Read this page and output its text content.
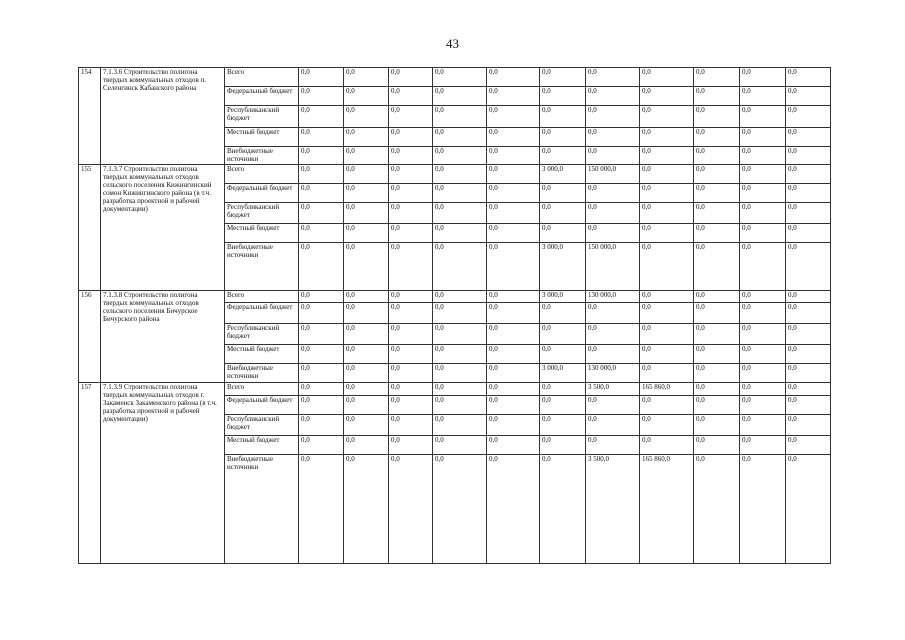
43
154	7.1.3.6 Строительство полигона твердых коммунальных отходов п. Селенгинск Кабанского района	Всего	0,0	0,0	0,0	0,0	0,0	0,0	0,0	0,0	0,0	0,0	0,0
		Федеральный бюджет	0,0	0,0	0,0	0,0	0,0	0,0	0,0	0,0	0,0	0,0	0,0
		Республиканский бюджет	0,0	0,0	0,0	0,0	0,0	0,0	0,0	0,0	0,0	0,0	0,0
		Местный бюджет	0,0	0,0	0,0	0,0	0,0	0,0	0,0	0,0	0,0	0,0	0,0
		Внебюджетные источники	0,0	0,0	0,0	0,0	0,0	0,0	0,0	0,0	0,0	0,0	0,0
155	7.1.3.7 Строительство полигона твердых коммунальных отходов сельского поселения Кижингинский сомон Кижингинского района (в т.ч. разработка проектной и рабочей документации)	Всего	0,0	0,0	0,0	0,0	0,0	3 000,0	150 000,0	0,0	0,0	0,0	0,0
		Федеральный бюджет	0,0	0,0	0,0	0,0	0,0	0,0	0,0	0,0	0,0	0,0	0,0
		Республиканский бюджет	0,0	0,0	0,0	0,0	0,0	0,0	0,0	0,0	0,0	0,0	0,0
		Местный бюджет	0,0	0,0	0,0	0,0	0,0	0,0	0,0	0,0	0,0	0,0	0,0
		Внебюджетные источники	0,0	0,0	0,0	0,0	0,0	3 000,0	150 000,0	0,0	0,0	0,0	0,0
156	7.1.3.8 Строительство полигона твердых коммунальных отходов сельского поселения Бичурское Бичурского района	Всего	0,0	0,0	0,0	0,0	0,0	3 000,0	130 000,0	0,0	0,0	0,0	0,0
		Федеральный бюджет	0,0	0,0	0,0	0,0	0,0	0,0	0,0	0,0	0,0	0,0	0,0
		Республиканский бюджет	0,0	0,0	0,0	0,0	0,0	0,0	0,0	0,0	0,0	0,0	0,0
		Местный бюджет	0,0	0,0	0,0	0,0	0,0	0,0	0,0	0,0	0,0	0,0	0,0
		Внебюджетные источники	0,0	0,0	0,0	0,0	0,0	3 000,0	130 000,0	0,0	0,0	0,0	0,0
157	7.1.3.9 Строительство полигона твердых коммунальных отходов г. Закаменск Закаменского района (в т.ч. разработка проектной и рабочей документации)	Всего	0,0	0,0	0,0	0,0	0,0	0,0	3 500,0	165 860,0	0,0	0,0	0,0
		Федеральный бюджет	0,0	0,0	0,0	0,0	0,0	0,0	0,0	0,0	0,0	0,0	0,0
		Республиканский бюджет	0,0	0,0	0,0	0,0	0,0	0,0	0,0	0,0	0,0	0,0	0,0
		Местный бюджет	0,0	0,0	0,0	0,0	0,0	0,0	0,0	0,0	0,0	0,0	0,0
		Внебюджетные источники	0,0	0,0	0,0	0,0	0,0	0,0	3 500,0	165 860,0	0,0	0,0	0,0
